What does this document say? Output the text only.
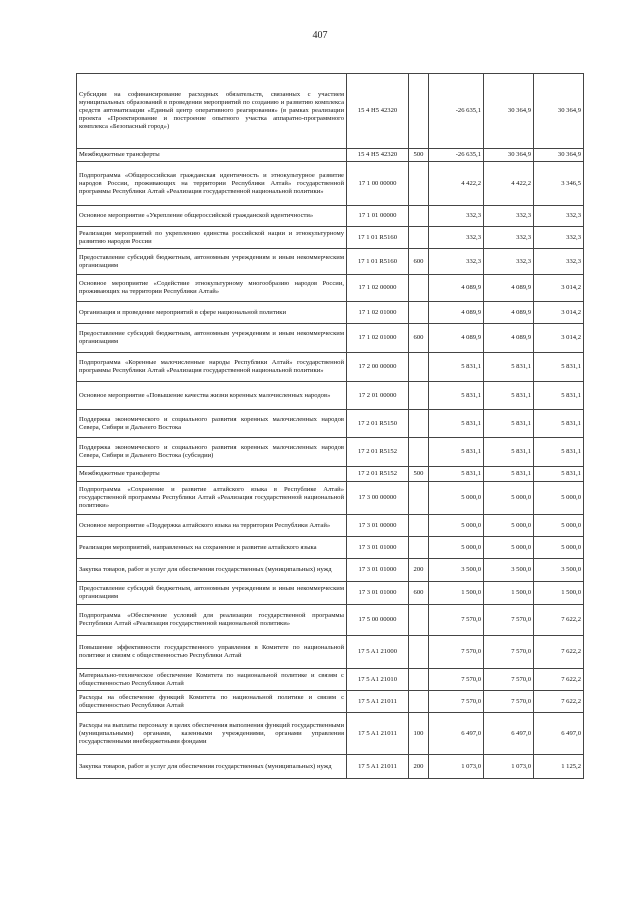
407
Субсидии на софинансирование расходных обязательств, связанных с участием муниципальных образований в проведении мероприятий по созданию и развитию комплекса средств автоматизации «Единый центр оперативного реагирования» (в рамках реализации проекта «Проектирование и построение опытного участка аппаратно-программного комплекса «Безопасный город»)	15 4 H5 42320		-26 635,1	30 364,9	30 364,9
Межбюджетные трансферты	15 4 H5 42320	500	-26 635,1	30 364,9	30 364,9
Подпрограмма «Общероссийская гражданская идентичность и этнокультурное развитие народов России, проживающих на территории Республики Алтай» государственной программы Республики Алтай «Реализация государственной национальной политики»	17 1 00 00000		4 422,2	4 422,2	3 346,5
Основное мероприятие «Укрепление общероссийской гражданской идентичности»	17 1 01 00000		332,3	332,3	332,3
Реализация мероприятий по укреплению единства российской нации и этнокультурному развитию народов России	17 1 01 R5160		332,3	332,3	332,3
Предоставление субсидий бюджетным, автономным учреждениям и иным некоммерческим организациям	17 1 01 R5160	600	332,3	332,3	332,3
Основное мероприятие «Содействие этнокультурному многообразию народов России, проживающих на территории Республики Алтай»	17 1 02 00000		4 089,9	4 089,9	3 014,2
Организация и проведение мероприятий в сфере национальной политики	17 1 02 01000		4 089,9	4 089,9	3 014,2
Предоставление субсидий бюджетным, автономным учреждениям и иным некоммерческим организациям	17 1 02 01000	600	4 089,9	4 089,9	3 014,2
Подпрограмма «Коренные малочисленные народы Республики Алтай» государственной программы Республики Алтай «Реализация государственной национальной политики»	17 2 00 00000		5 831,1	5 831,1	5 831,1
Основное мероприятие «Повышение качества жизни коренных малочисленных народов»	17 2 01 00000		5 831,1	5 831,1	5 831,1
Поддержка экономического и социального развития коренных малочисленных народов Севера, Сибири и Дальнего Востока	17 2 01 R5150		5 831,1	5 831,1	5 831,1
Поддержка экономического и социального развития коренных малочисленных народов Севера, Сибири и Дальнего Востока (субсидии)	17 2 01 R5152		5 831,1	5 831,1	5 831,1
Межбюджетные трансферты	17 2 01 R5152	500	5 831,1	5 831,1	5 831,1
Подпрограмма «Сохранение и развитие алтайского языка в Республике Алтай» государственной программы Республики Алтай «Реализация государственной национальной политики»	17 3 00 00000		5 000,0	5 000,0	5 000,0
Основное мероприятие «Поддержка алтайского языка на территории Республики Алтай»	17 3 01 00000		5 000,0	5 000,0	5 000,0
Реализация мероприятий, направленных на сохранение и развитие алтайского языка	17 3 01 01000		5 000,0	5 000,0	5 000,0
Закупка товаров, работ и услуг для обеспечения государственных (муниципальных) нужд	17 3 01 01000	200	3 500,0	3 500,0	3 500,0
Предоставление субсидий бюджетным, автономным учреждениям и иным некоммерческим организациям	17 3 01 01000	600	1 500,0	1 500,0	1 500,0
Подпрограмма «Обеспечение условий для реализации государственной программы Республики Алтай «Реализация государственной национальной политики»	17 5 00 00000		7 570,0	7 570,0	7 622,2
Повышение эффективности государственного управления в Комитете по национальной политике и связям с общественностью Республики Алтай	17 5 A1 21000		7 570,0	7 570,0	7 622,2
Материально-техническое обеспечение Комитета по национальной политике и связям с общественностью Республики Алтай	17 5 A1 21010		7 570,0	7 570,0	7 622,2
Расходы на обеспечение функций Комитета по национальной политике и связям с общественностью Республики Алтай	17 5 A1 21011		7 570,0	7 570,0	7 622,2
Расходы на выплаты персоналу в целях обеспечения выполнения функций государственными (муниципальными) органами, казенными учреждениями, органами управления государственными внебюджетными фондами	17 5 A1 21011	100	6 497,0	6 497,0	6 497,0
Закупка товаров, работ и услуг для обеспечения государственных (муниципальных) нужд	17 5 A1 21011	200	1 073,0	1 073,0	1 125,2
